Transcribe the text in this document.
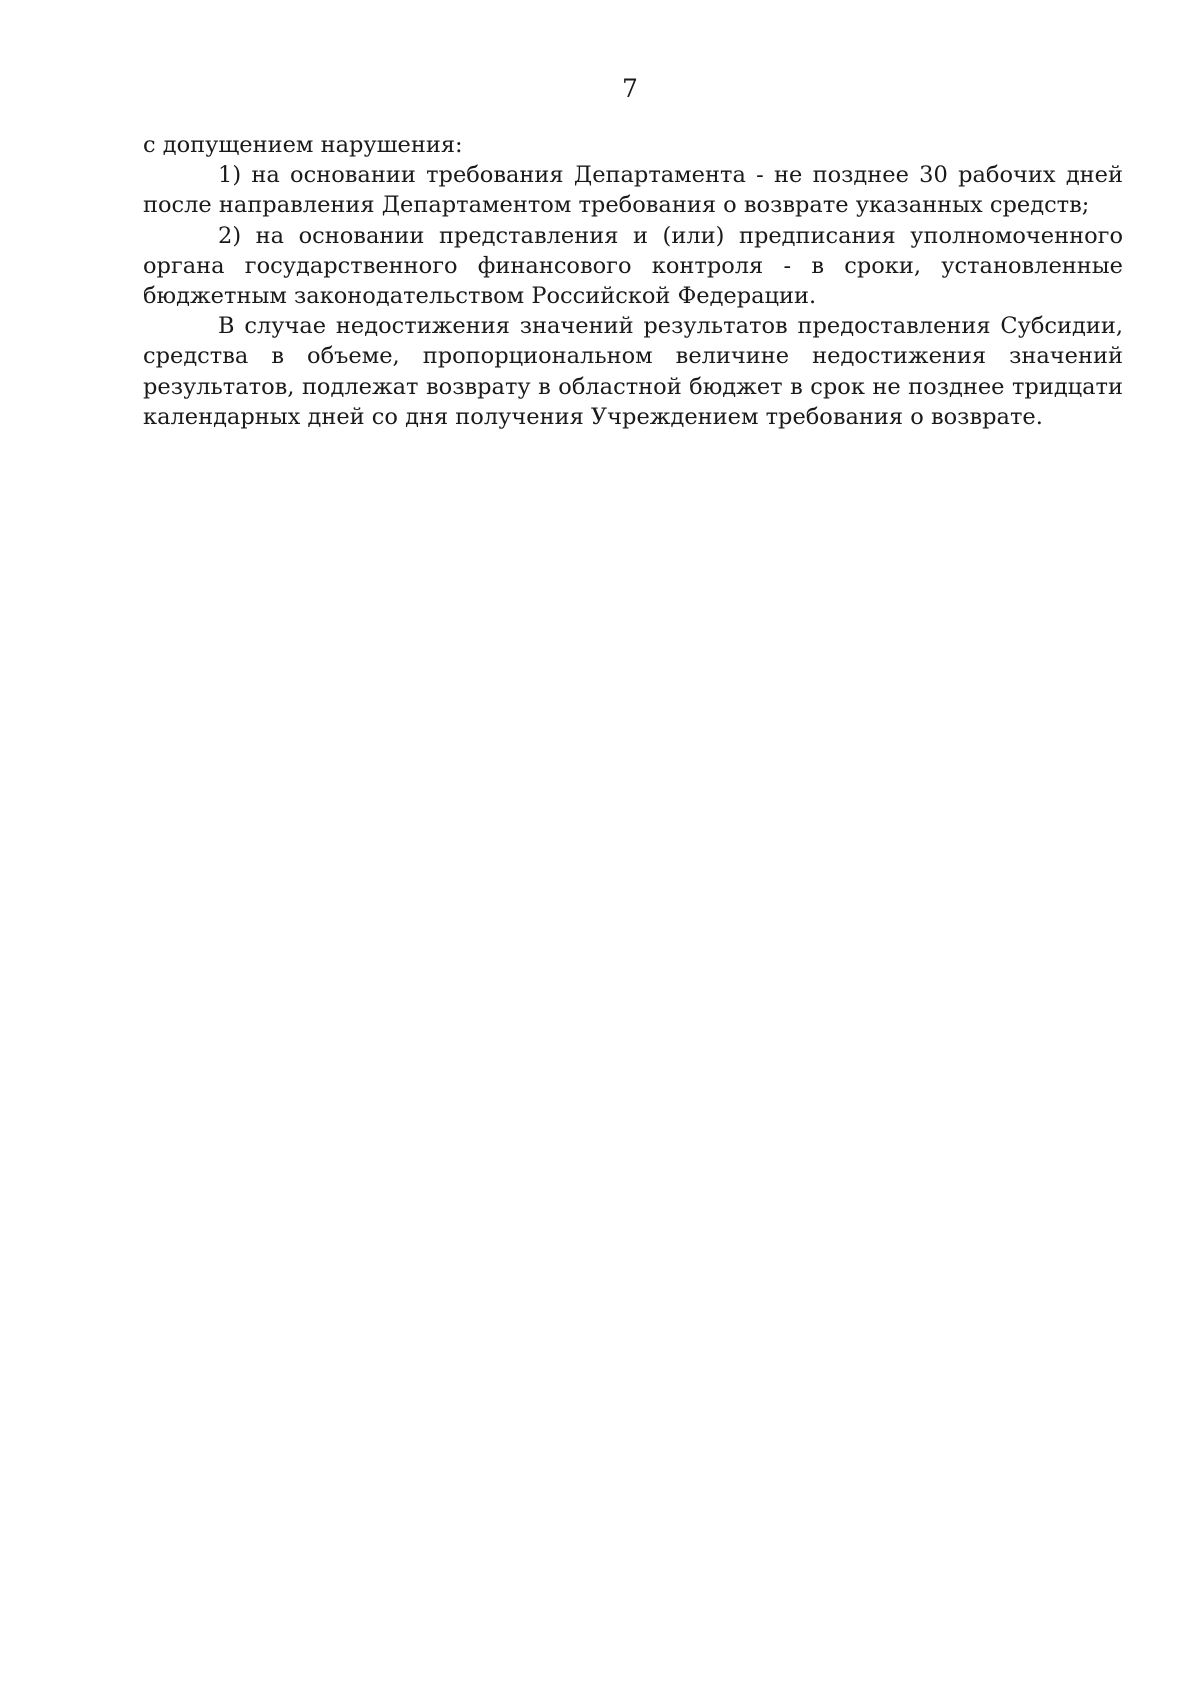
7

с допущением нарушения:

1) на основании требования Департамента - не позднее 30 рабочих дней после направления Департаментом требования о возврате указанных средств;

2) на основании представления и (или) предписания уполномоченного органа государственного финансового контроля - в сроки, установленные бюджетным законодательством Российской Федерации.

В случае недостижения значений результатов предоставления Субсидии, средства в объеме, пропорциональном величине недостижения значений результатов, подлежат возврату в областной бюджет в срок не позднее тридцати календарных дней со дня получения Учреждением требования о возврате.
